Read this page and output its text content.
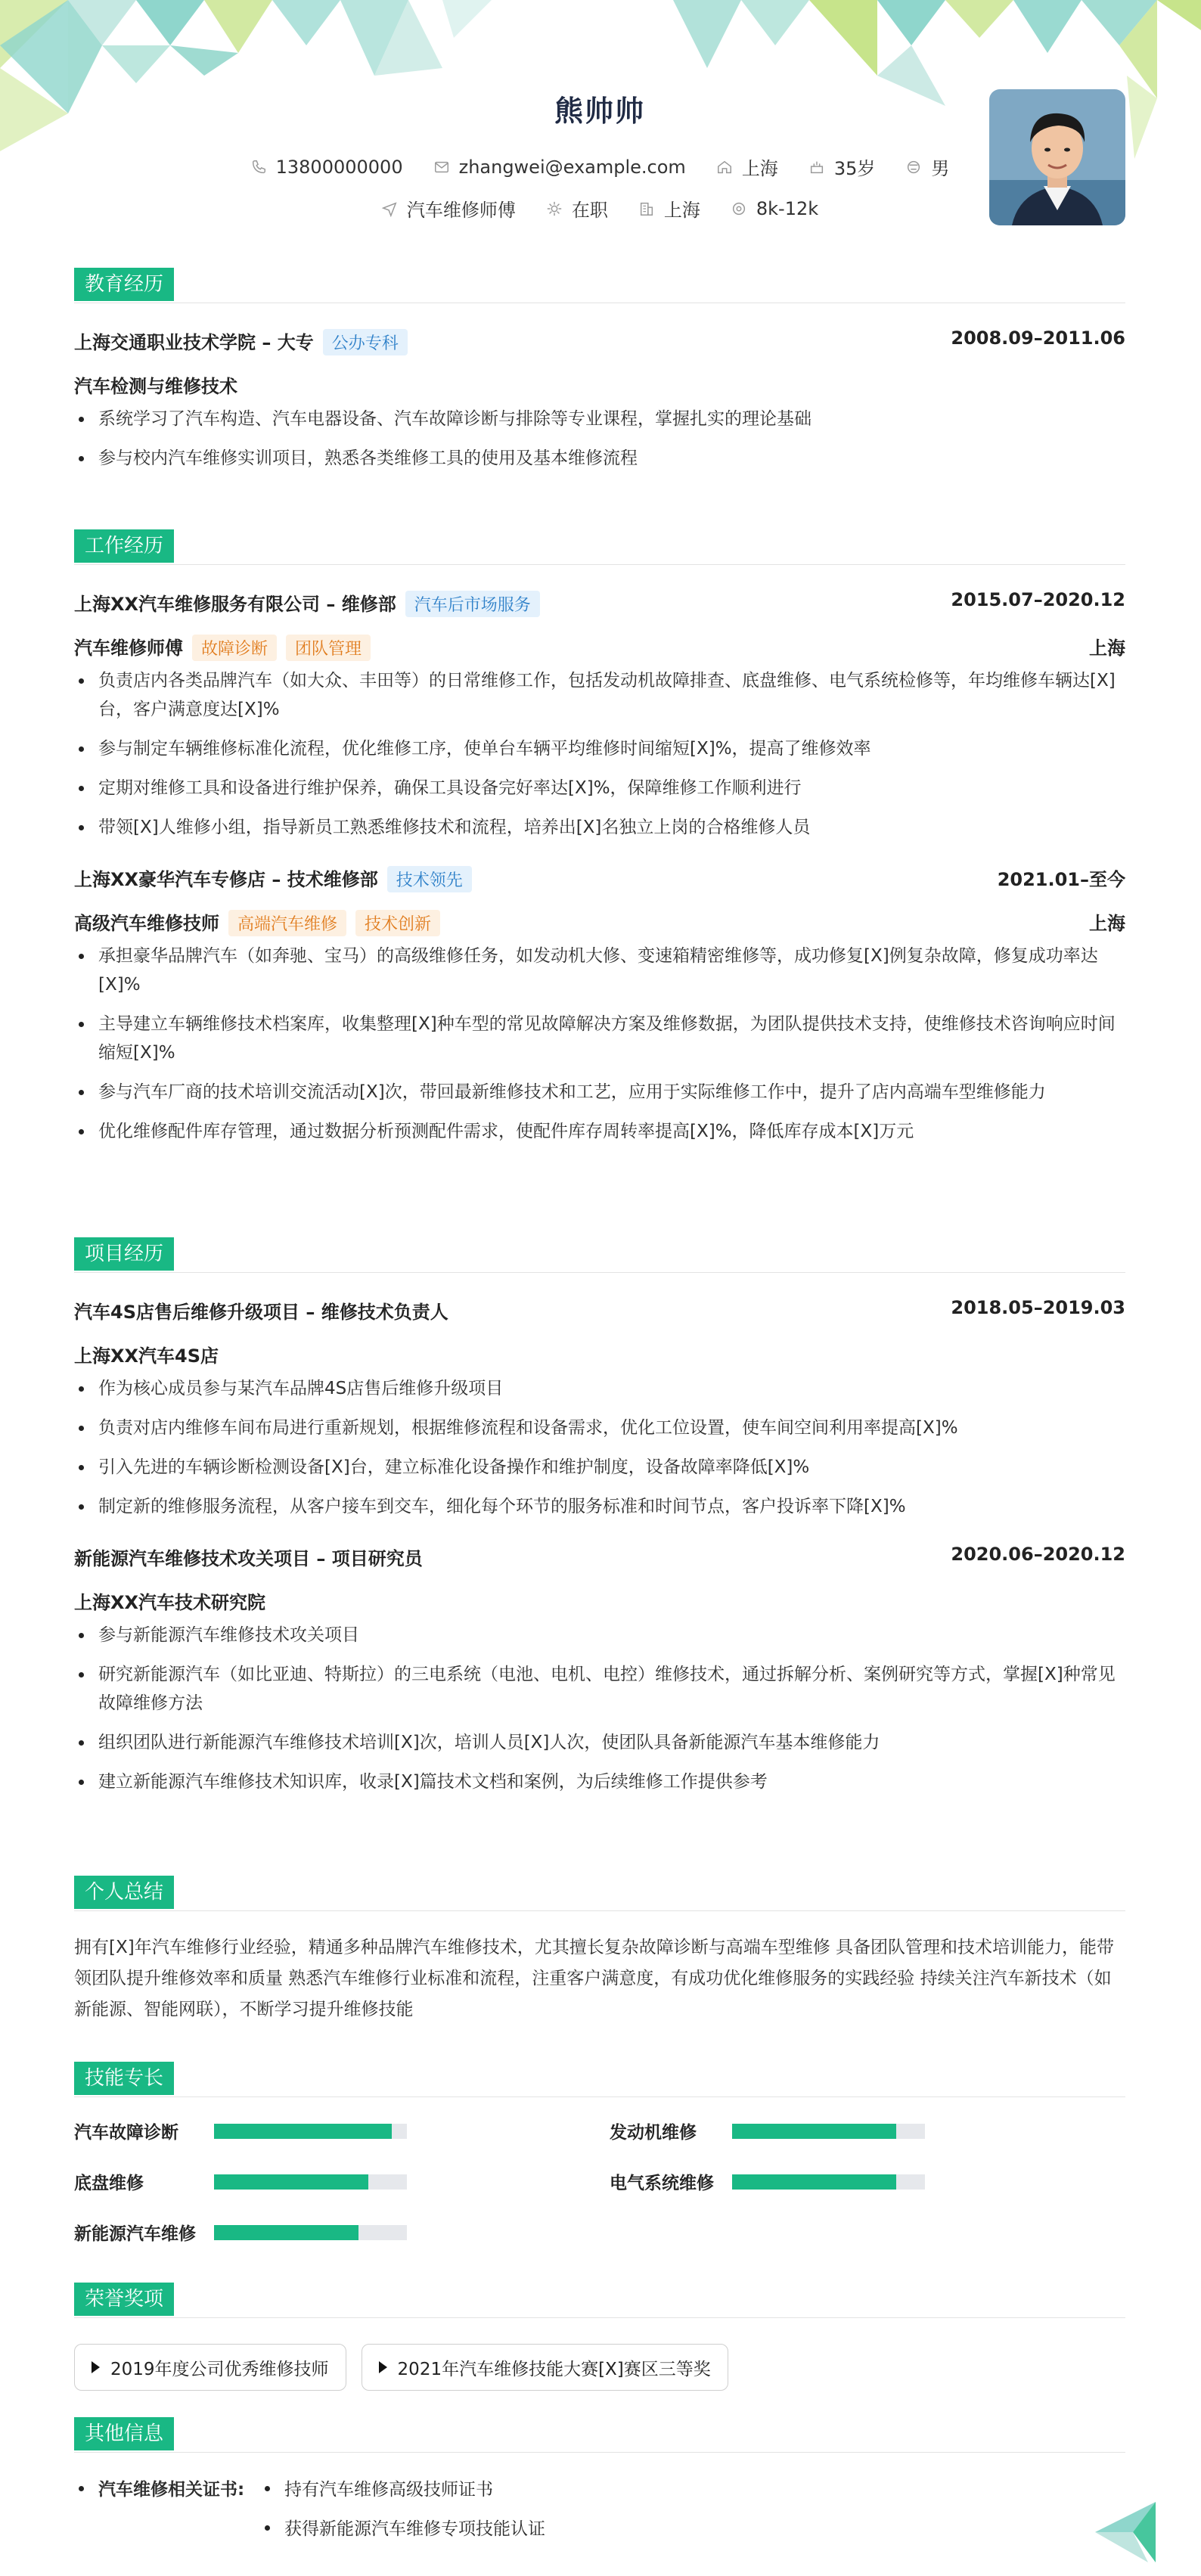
熊帅帅
13800000000	zhangwei@example.com	上海	35岁	男
汽车维修师傅	在职	上海	8k-12k
教育经历
上海交通职业技术学院 – 大专 公办专科	2008.09–2011.06
汽车检测与维修技术
系统学习了汽车构造、汽车电器设备、汽车故障诊断与排除等专业课程，掌握扎实的理论基础
参与校内汽车维修实训项目，熟悉各类维修工具的使用及基本维修流程
工作经历
上海XX汽车维修服务有限公司 – 维修部 汽车后市场服务	2015.07–2020.12
汽车维修师傅 故障诊断 团队管理	上海
负责店内各类品牌汽车（如大众、丰田等）的日常维修工作，包括发动机故障排查、底盘维修、电气系统检修等，年均维修车辆达[X]台，客户满意度达[X]%
参与制定车辆维修标准化流程，优化维修工序，使单台车辆平均维修时间缩短[X]%，提高了维修效率
定期对维修工具和设备进行维护保养，确保工具设备完好率达[X]%，保障维修工作顺利进行
带领[X]人维修小组，指导新员工熟悉维修技术和流程，培养出[X]名独立上岗的合格维修人员
上海XX豪华汽车专修店 – 技术维修部 技术领先	2021.01–至今
高级汽车维修技师 高端汽车维修 技术创新	上海
承担豪华品牌汽车（如奔驰、宝马）的高级维修任务，如发动机大修、变速箱精密维修等，成功修复[X]例复杂故障，修复成功率达[X]%
主导建立车辆维修技术档案库，收集整理[X]种车型的常见故障解决方案及维修数据，为团队提供技术支持，使维修技术咨询响应时间缩短[X]%
参与汽车厂商的技术培训交流活动[X]次，带回最新维修技术和工艺，应用于实际维修工作中，提升了店内高端车型维修能力
优化维修配件库存管理，通过数据分析预测配件需求，使配件库存周转率提高[X]%，降低库存成本[X]万元
项目经历
汽车4S店售后维修升级项目 – 维修技术负责人	2018.05–2019.03
上海XX汽车4S店
作为核心成员参与某汽车品牌4S店售后维修升级项目
负责对店内维修车间布局进行重新规划，根据维修流程和设备需求，优化工位设置，使车间空间利用率提高[X]%
引入先进的车辆诊断检测设备[X]台，建立标准化设备操作和维护制度，设备故障率降低[X]%
制定新的维修服务流程，从客户接车到交车，细化每个环节的服务标准和时间节点，客户投诉率下降[X]%
新能源汽车维修技术攻关项目 – 项目研究员	2020.06–2020.12
上海XX汽车技术研究院
参与新能源汽车维修技术攻关项目
研究新能源汽车（如比亚迪、特斯拉）的三电系统（电池、电机、电控）维修技术，通过拆解分析、案例研究等方式，掌握[X]种常见故障维修方法
组织团队进行新能源汽车维修技术培训[X]次，培训人员[X]人次，使团队具备新能源汽车基本维修能力
建立新能源汽车维修技术知识库，收录[X]篇技术文档和案例，为后续维修工作提供参考
个人总结
拥有[X]年汽车维修行业经验，精通多种品牌汽车维修技术，尤其擅长复杂故障诊断与高端车型维修 具备团队管理和技术培训能力，能带领团队提升维修效率和质量 熟悉汽车维修行业标准和流程，注重客户满意度，有成功优化维修服务的实践经验 持续关注汽车新技术（如新能源、智能网联），不断学习提升维修技能
技能专长
汽车故障诊断	发动机维修
底盘维修	电气系统维修
新能源汽车维修
荣誉奖项
2019年度公司优秀维修技师	2021年汽车维修技能大赛[X]赛区三等奖
其他信息
汽车维修相关证书: 持有汽车维修高级技师证书
获得新能源汽车维修专项技能认证
